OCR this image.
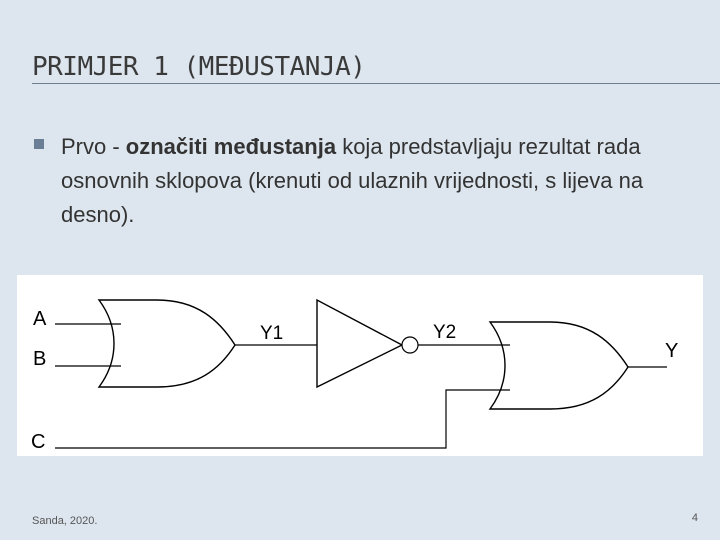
PRIMJER 1 (MEĐUSTANJA)
Prvo - označiti međustanja koja predstavljaju rezultat rada osnovnih sklopova (krenuti od ulaznih vrijednosti, s lijeva na desno).
A
B
C
Y1	Y2
Y
Sanda, 2020.	4
